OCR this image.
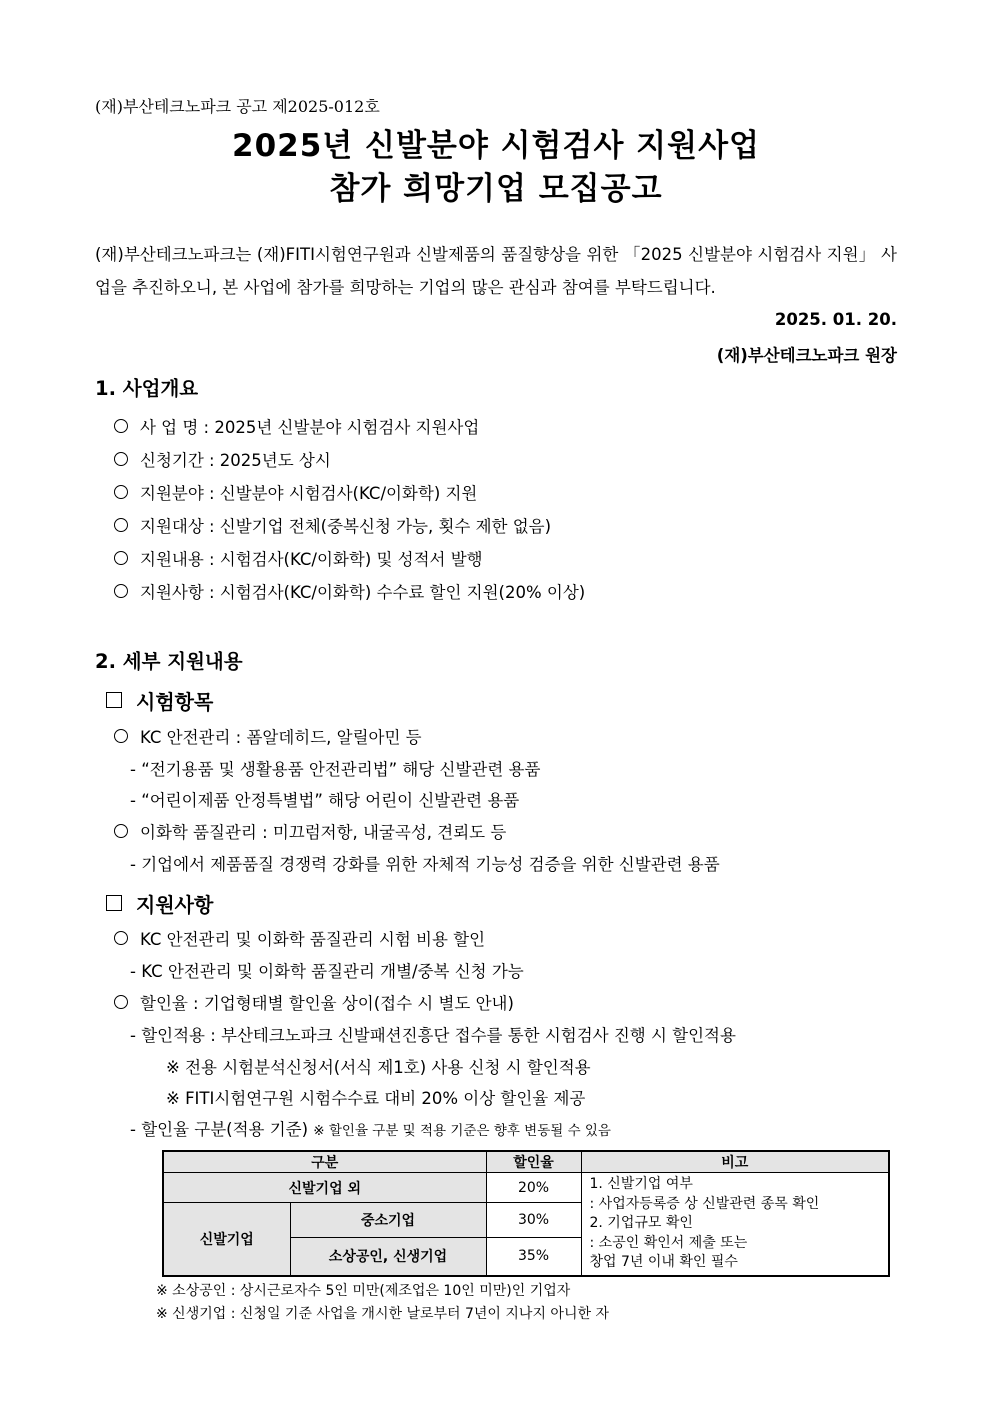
(재)부산테크노파크 공고 제2025-012호
2025년 신발분야 시험검사 지원사업
참가 희망기업 모집공고
(재)부산테크노파크는 (재)FITI시험연구원과 신발제품의 품질향상을 위한 「2025 신발분야 시험검사 지원」 사업을 추진하오니, 본 사업에 참가를 희망하는 기업의 많은 관심과 참여를 부탁드립니다.
2025. 01. 20.
(재)부산테크노파크 원장
1. 사업개요
사 업 명 : 2025년 신발분야 시험검사 지원사업
신청기간 : 2025년도 상시
지원분야 : 신발분야 시험검사(KC/이화학) 지원
지원대상 : 신발기업 전체(중복신청 가능, 횟수 제한 없음)
지원내용 : 시험검사(KC/이화학) 및 성적서 발행
지원사항 : 시험검사(KC/이화학) 수수료 할인 지원(20% 이상)
2. 세부 지원내용
시험항목
KC 안전관리 : 폼알데히드, 알릴아민 등
- “전기용품 및 생활용품 안전관리법” 해당 신발관련 용품
- “어린이제품 안정특별법” 해당 어린이 신발관련 용품
이화학 품질관리 : 미끄럼저항, 내굴곡성, 견뢰도 등
- 기업에서 제품품질 경쟁력 강화를 위한 자체적 기능성 검증을 위한 신발관련 용품
지원사항
KC 안전관리 및 이화학 품질관리 시험 비용 할인
- KC 안전관리 및 이화학 품질관리 개별/중복 신청 가능
할인율 : 기업형태별 할인율 상이(접수 시 별도 안내)
- 할인적용 : 부산테크노파크 신발패션진흥단 접수를 통한 시험검사 진행 시 할인적용
※ 전용 시험분석신청서(서식 제1호) 사용 신청 시 할인적용
※ FITI시험연구원 시험수수료 대비 20% 이상 할인율 제공
- 할인율 구분(적용 기준) ※ 할인율 구분 및 적용 기준은 향후 변동될 수 있음
구분		할인율	비고
신발기업 외		20%	1. 신발기업 여부
: 사업자등록증 상 신발관련 종목 확인
2. 기업규모 확인
: 소공인 확인서 제출 또는
창업 7년 이내 확인 필수

신발기업	중소기업	30%	
	소상공인, 신생기업	35%	
※ 소상공인 : 상시근로자수 5인 미만(제조업은 10인 미만)인 기업자
※ 신생기업 : 신청일 기준 사업을 개시한 날로부터 7년이 지나지 아니한 자
